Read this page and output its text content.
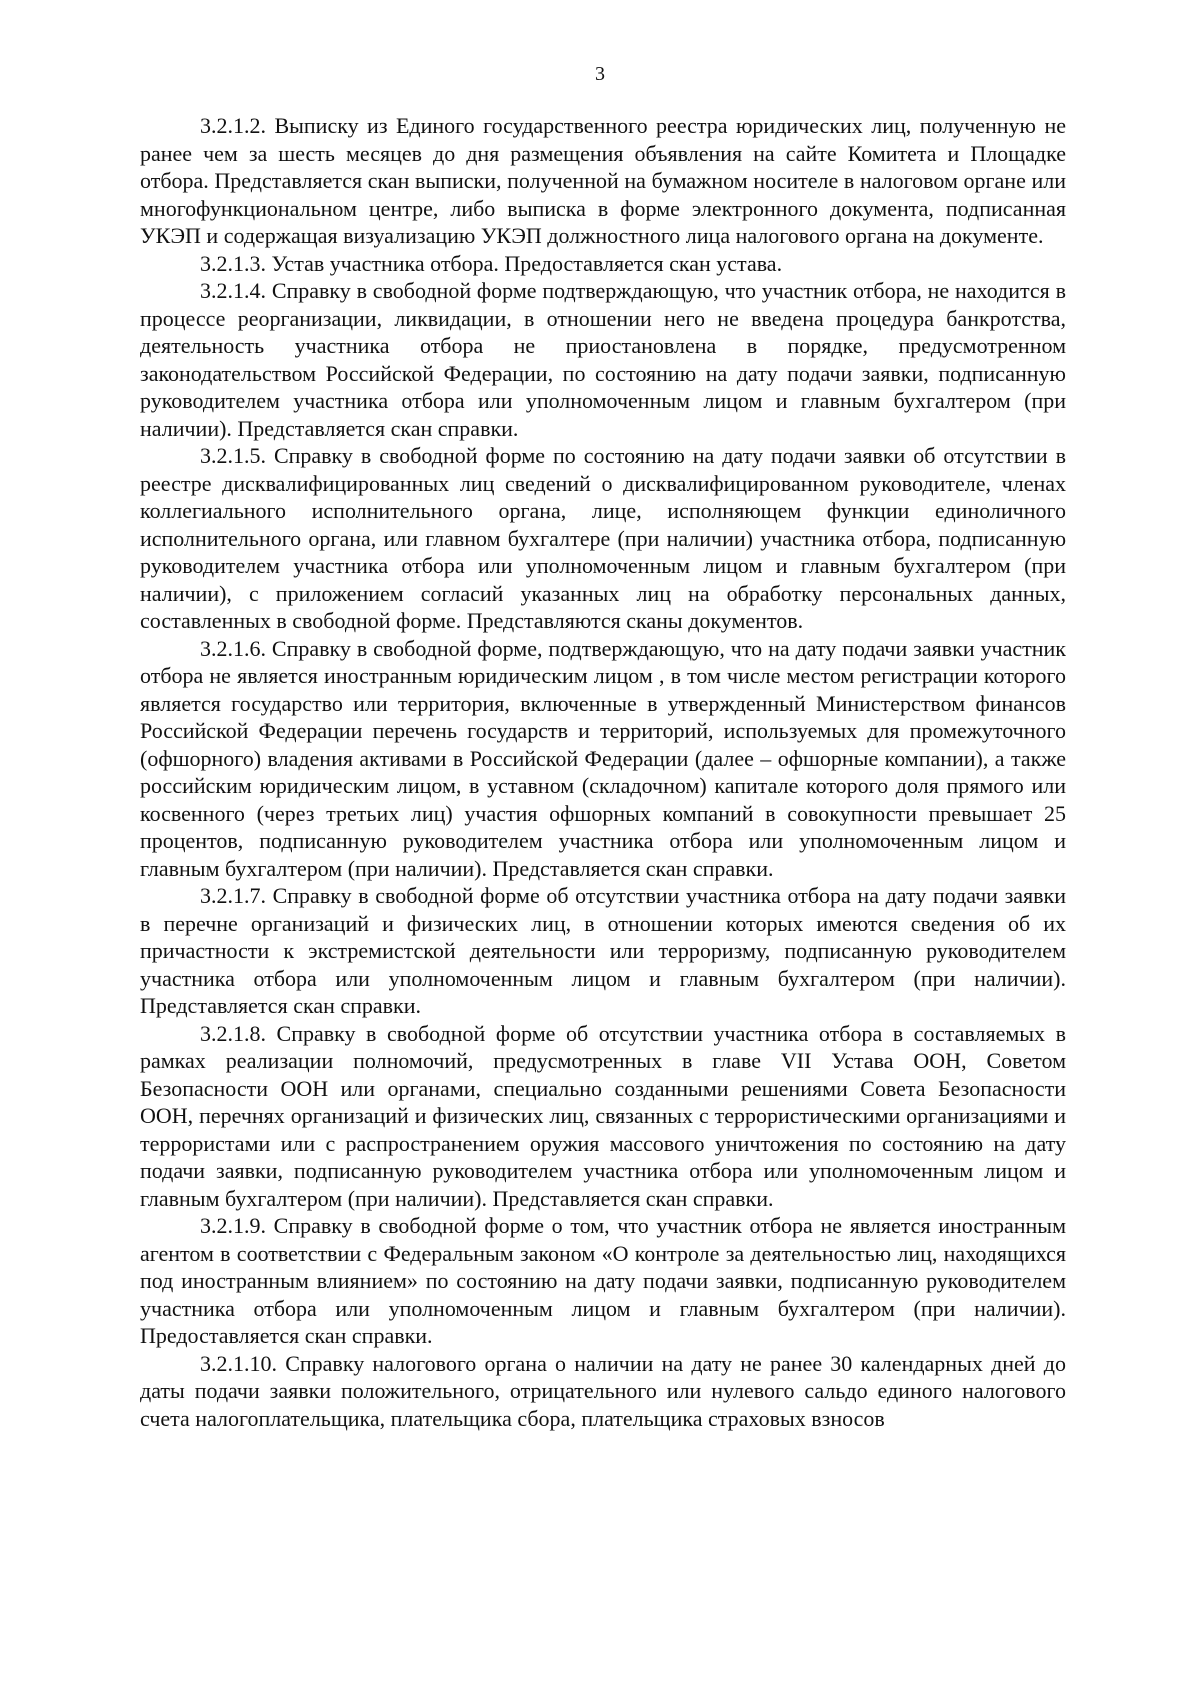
3

3.2.1.2. Выписку из Единого государственного реестра юридических лиц, полученную не ранее чем за шесть месяцев до дня размещения объявления на сайте Комитета и Площадке отбора. Представляется скан выписки, полученной на бумажном носителе в налоговом органе или многофункциональном центре, либо выписка в форме электронного документа, подписанная УКЭП и содержащая визуализацию УКЭП должностного лица налогового органа на документе.

3.2.1.3. Устав участника отбора. Предоставляется скан устава.

3.2.1.4. Справку в свободной форме подтверждающую, что участник отбора, не находится в процессе реорганизации, ликвидации, в отношении него не введена процедура банкротства, деятельность участника отбора не приостановлена в порядке, предусмотренном законодательством Российской Федерации, по состоянию на дату подачи заявки, подписанную руководителем участника отбора или уполномоченным лицом и главным бухгалтером (при наличии). Представляется скан справки.

3.2.1.5. Справку в свободной форме по состоянию на дату подачи заявки об отсутствии в реестре дисквалифицированных лиц сведений о дисквалифицированном руководителе, членах коллегиального исполнительного органа, лице, исполняющем функции единоличного исполнительного органа, или главном бухгалтере (при наличии) участника отбора, подписанную руководителем участника отбора или уполномоченным лицом и главным бухгалтером (при наличии), с приложением согласий указанных лиц на обработку персональных данных, составленных в свободной форме. Представляются сканы документов.

3.2.1.6. Справку в свободной форме, подтверждающую, что на дату подачи заявки участник отбора не является иностранным юридическим лицом , в том числе местом регистрации которого является государство или территория, включенные в утвержденный Министерством финансов Российской Федерации перечень государств и территорий, используемых для промежуточного (офшорного) владения активами в Российской Федерации (далее – офшорные компании), а также российским юридическим лицом, в уставном (складочном) капитале которого доля прямого или косвенного (через третьих лиц) участия офшорных компаний в совокупности превышает 25 процентов, подписанную руководителем участника отбора или уполномоченным лицом и главным бухгалтером (при наличии). Представляется скан справки.

3.2.1.7. Справку в свободной форме об отсутствии участника отбора на дату подачи заявки в перечне организаций и физических лиц, в отношении которых имеются сведения об их причастности к экстремистской деятельности или терроризму, подписанную руководителем участника отбора или уполномоченным лицом и главным бухгалтером (при наличии). Представляется скан справки.

3.2.1.8. Справку в свободной форме об отсутствии участника отбора в составляемых в рамках реализации полномочий, предусмотренных в главе VII Устава ООН, Советом Безопасности ООН или органами, специально созданными решениями Совета Безопасности ООН, перечнях организаций и физических лиц, связанных с террористическими организациями и террористами или с распространением оружия массового уничтожения по состоянию на дату подачи заявки, подписанную руководителем участника отбора или уполномоченным лицом и главным бухгалтером (при наличии). Представляется скан справки.

3.2.1.9. Справку в свободной форме о том, что участник отбора не является иностранным агентом в соответствии с Федеральным законом «О контроле за деятельностью лиц, находящихся под иностранным влиянием» по состоянию на дату подачи заявки, подписанную руководителем участника отбора или уполномоченным лицом и главным бухгалтером (при наличии). Предоставляется скан справки.

3.2.1.10. Справку налогового органа о наличии на дату не ранее 30 календарных дней до даты подачи заявки положительного, отрицательного или нулевого сальдо единого налогового счета налогоплательщика, плательщика сбора, плательщика страховых взносов
